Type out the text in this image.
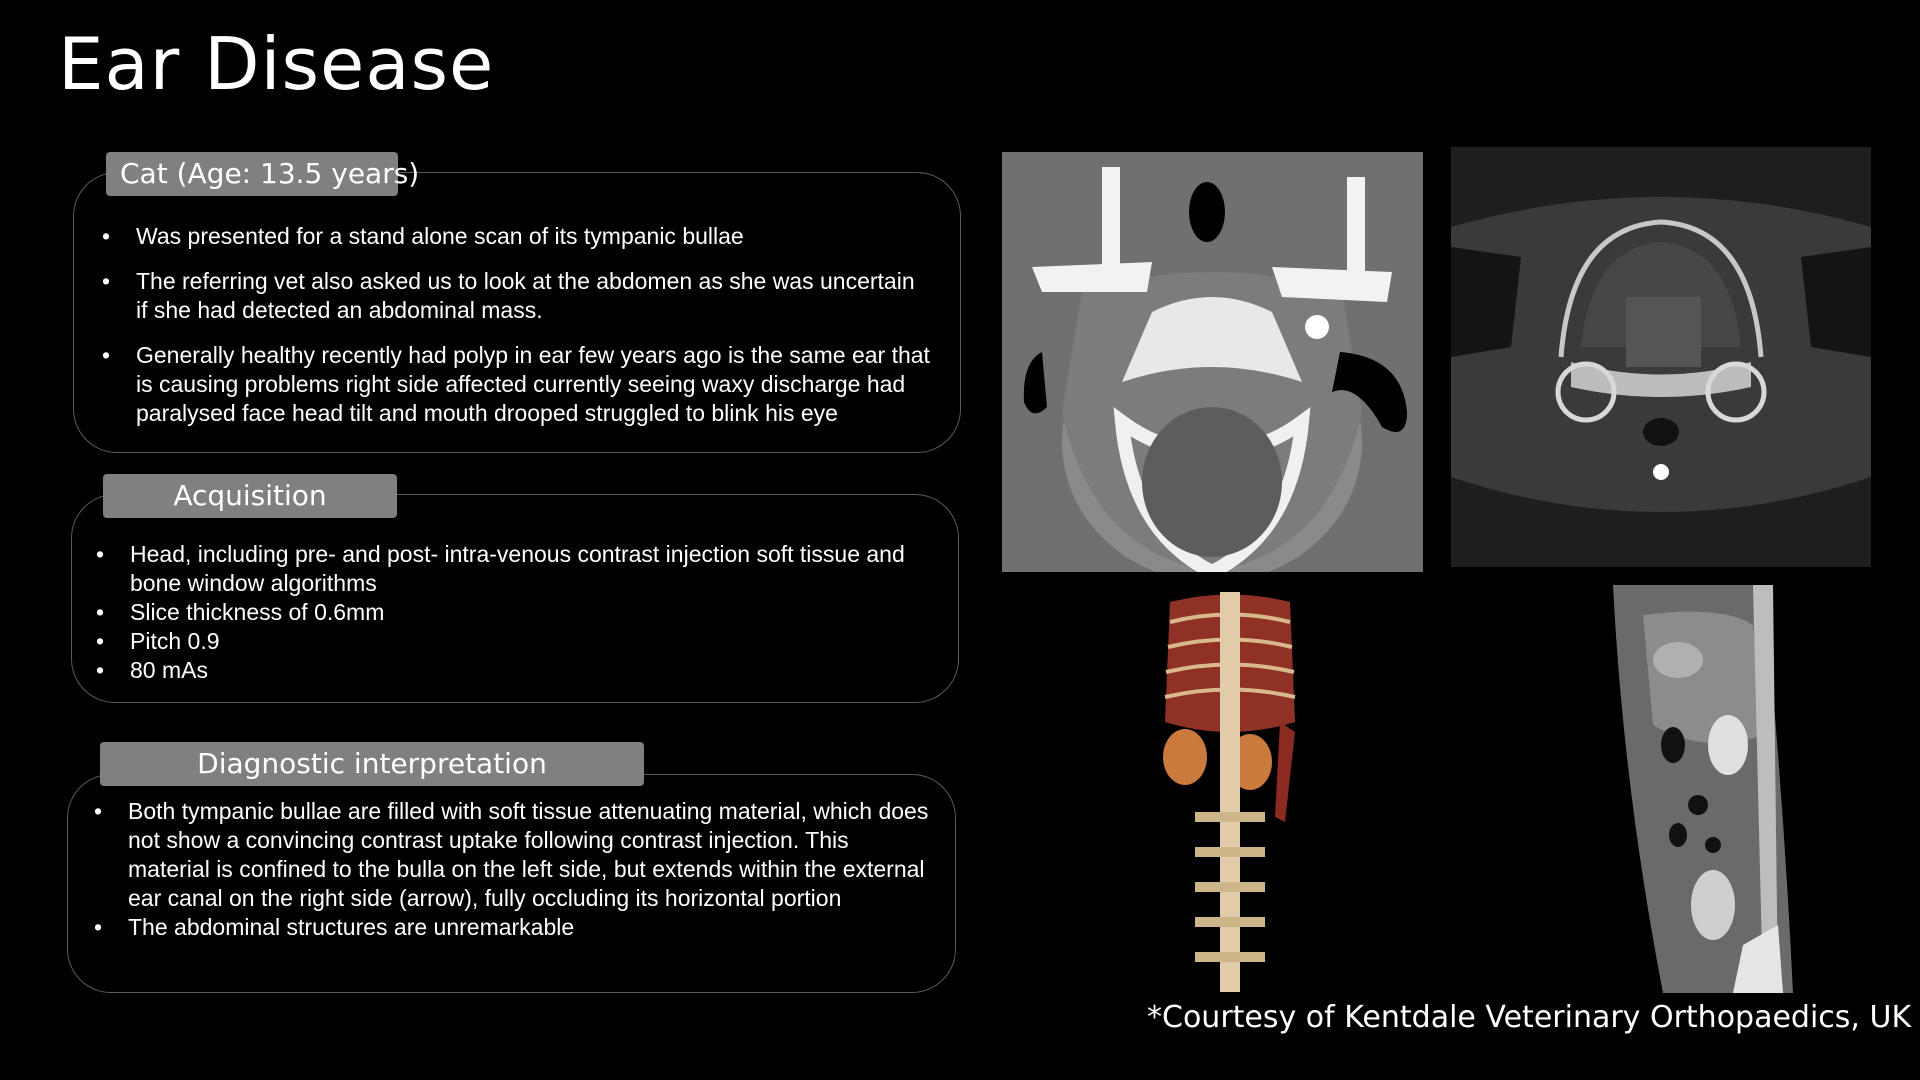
Ear Disease
Cat (Age: 13.5 years)
• Was presented for a stand alone scan of its tympanic bullae
• The referring vet also asked us to look at the abdomen as she was uncertain if she had detected an abdominal mass.
• Generally healthy recently had polyp in ear few years ago is the same ear that is causing problems right side affected currently seeing waxy discharge had paralysed face head tilt and mouth drooped struggled to blink his eye
Acquisition
• Head, including pre- and post- intra-venous contrast injection soft tissue and bone window algorithms
• Slice thickness of 0.6mm
• Pitch 0.9
• 80 mAs
Diagnostic interpretation
• Both tympanic bullae are filled with soft tissue attenuating material, which does not show a convincing contrast uptake following contrast injection. This material is confined to the bulla on the left side, but extends within the external ear canal on the right side (arrow), fully occluding its horizontal portion
• The abdominal structures are unremarkable
*Courtesy of Kentdale Veterinary Orthopaedics, UK
